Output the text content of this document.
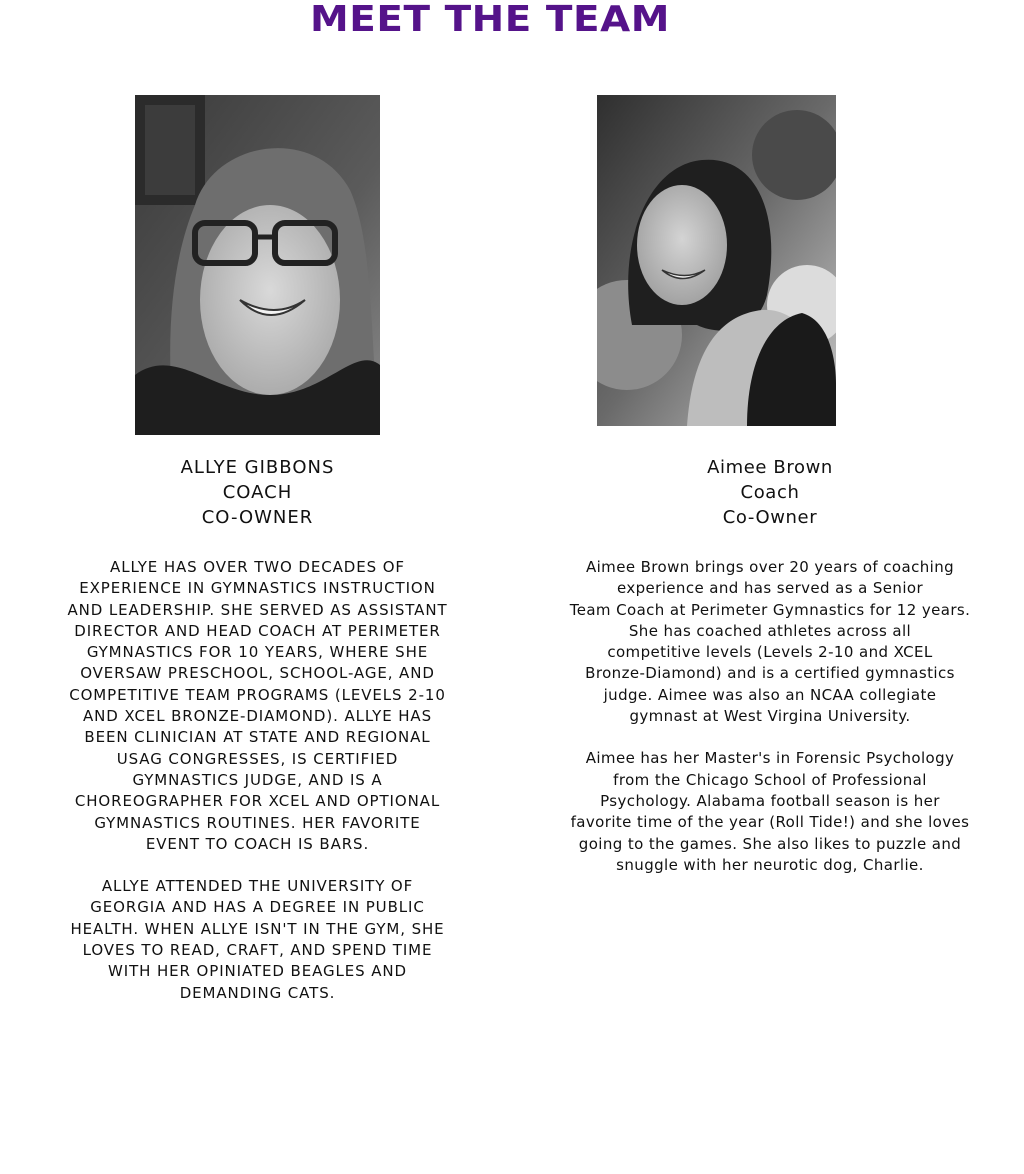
MEET THE TEAM
ALLYE GIBBONS
COACH
CO-OWNER

ALLYE HAS OVER TWO DECADES OF
EXPERIENCE IN GYMNASTICS INSTRUCTION
AND LEADERSHIP. SHE SERVED AS ASSISTANT
DIRECTOR AND HEAD COACH AT PERIMETER
GYMNASTICS FOR 10 YEARS, WHERE SHE
OVERSAW PRESCHOOL, SCHOOL-AGE, AND
COMPETITIVE TEAM PROGRAMS (LEVELS 2-10
AND XCEL BRONZE-DIAMOND). ALLYE HAS
BEEN CLINICIAN AT STATE AND REGIONAL
USAG CONGRESSES, IS CERTIFIED
GYMNASTICS JUDGE, AND IS A
CHOREOGRAPHER FOR XCEL AND OPTIONAL
GYMNASTICS ROUTINES. HER FAVORITE
EVENT TO COACH IS BARS.

ALLYE ATTENDED THE UNIVERSITY OF
GEORGIA AND HAS A DEGREE IN PUBLIC
HEALTH. WHEN ALLYE ISN'T IN THE GYM, SHE
LOVES TO READ, CRAFT, AND SPEND TIME
WITH HER OPINIATED BEAGLES AND
DEMANDING CATS.

Aimee Brown
Coach
Co-Owner

Aimee Brown brings over 20 years of coaching
experience and has served as a Senior
Team Coach at Perimeter Gymnastics for 12 years.
She has coached athletes across all
competitive levels (Levels 2-10 and XCEL
Bronze-Diamond) and is a certified gymnastics
judge. Aimee was also an NCAA collegiate
gymnast at West Virgina University.

Aimee has her Master's in Forensic Psychology
from the Chicago School of Professional
Psychology. Alabama football season is her
favorite time of the year (Roll Tide!) and she loves
going to the games. She also likes to puzzle and
snuggle with her neurotic dog, Charlie.
